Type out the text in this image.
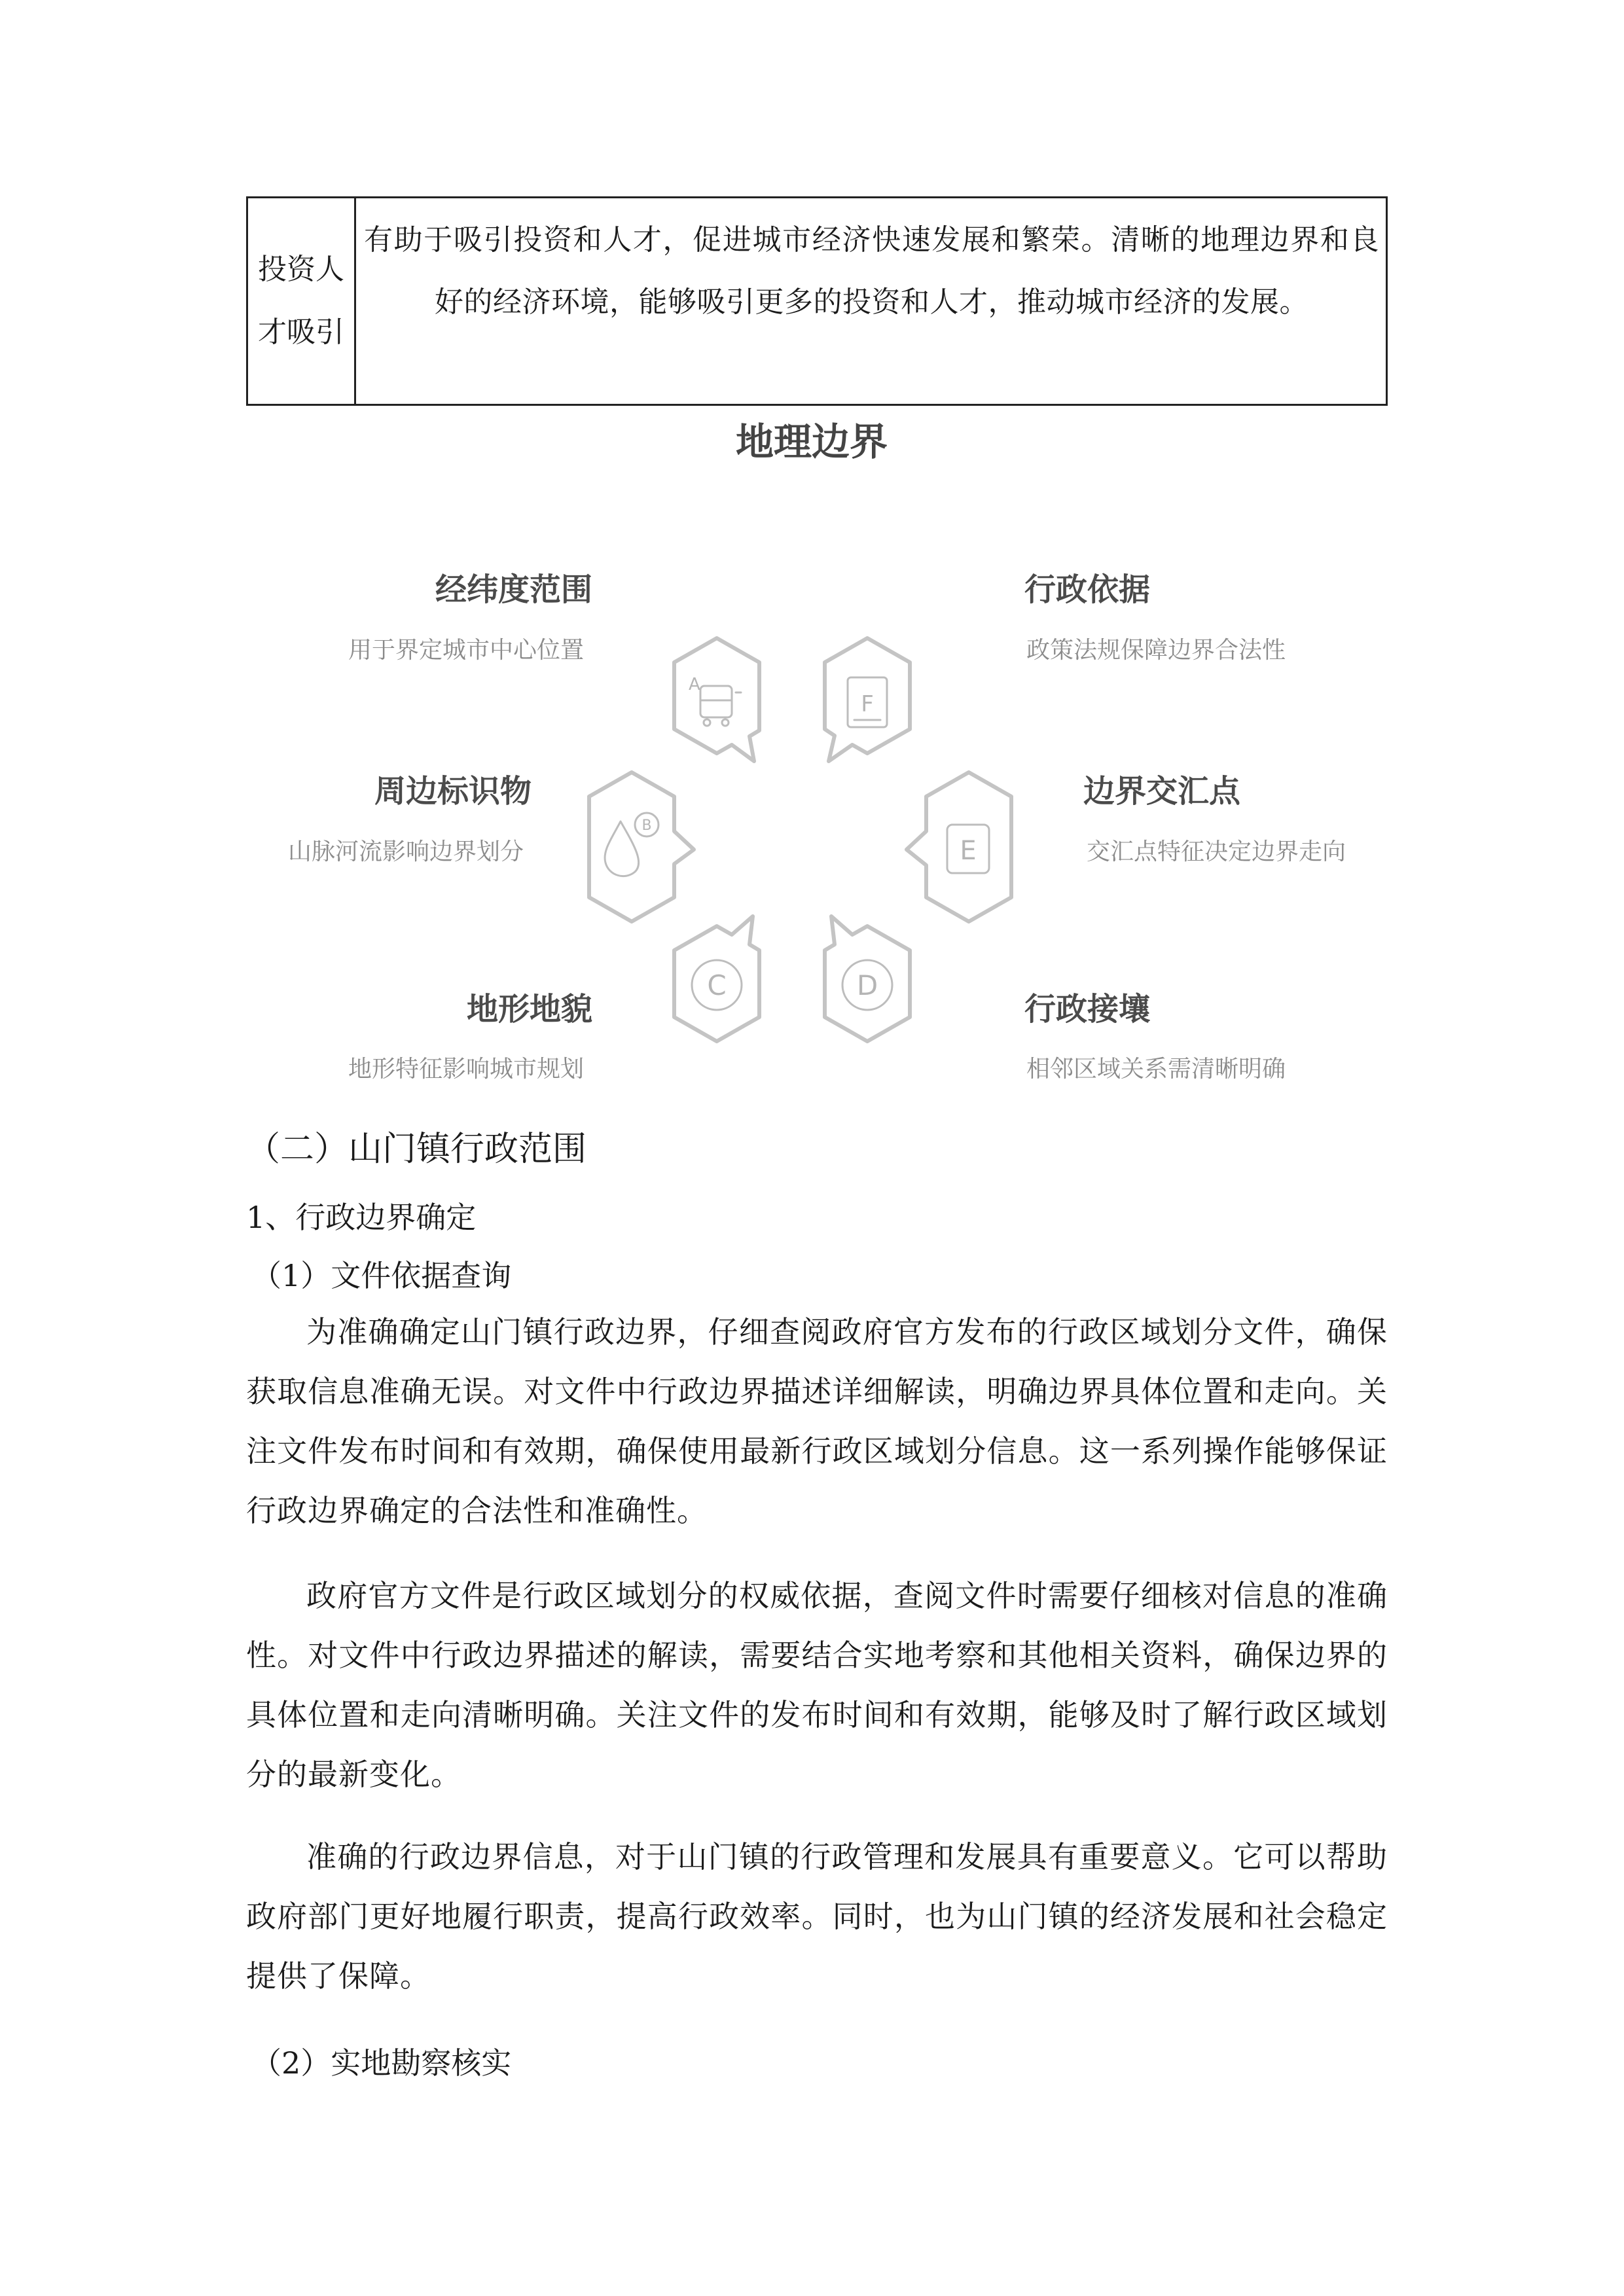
投资人才吸引
有助于吸引投资和人才，促进城市经济快速发展和繁荣。清晰的地理边界和良好的经济环境，能够吸引更多的投资和人才，推动城市经济的发展。
地理边界
经纬度范围
用于界定城市中心位置
行政依据
政策法规保障边界合法性
周边标识物
山脉河流影响边界划分
边界交汇点
交汇点特征决定边界走向
地形地貌
地形特征影响城市规划
行政接壤
相邻区域关系需清晰明确
A
F
B
E
C	D
（二）山门镇行政范围
1、行政边界确定
（1）文件依据查询
为准确确定山门镇行政边界，仔细查阅政府官方发布的行政区域划分文件，确保获取信息准确无误。对文件中行政边界描述详细解读，明确边界具体位置和走向。关注文件发布时间和有效期，确保使用最新行政区域划分信息。这一系列操作能够保证行政边界确定的合法性和准确性。
政府官方文件是行政区域划分的权威依据，查阅文件时需要仔细核对信息的准确性。对文件中行政边界描述的解读，需要结合实地考察和其他相关资料，确保边界的具体位置和走向清晰明确。关注文件的发布时间和有效期，能够及时了解行政区域划分的最新变化。
准确的行政边界信息，对于山门镇的行政管理和发展具有重要意义。它可以帮助政府部门更好地履行职责，提高行政效率。同时，也为山门镇的经济发展和社会稳定提供了保障。
（2）实地勘察核实
